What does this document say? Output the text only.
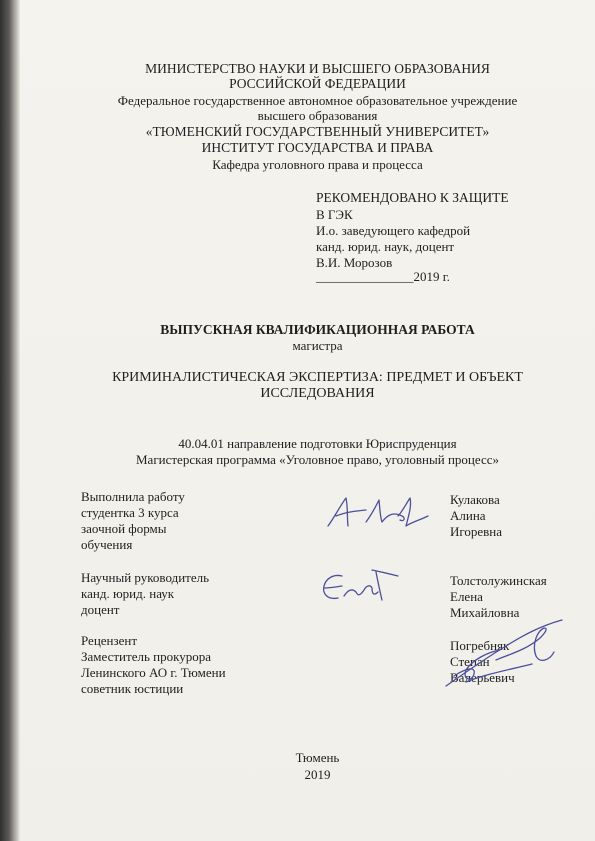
МИНИСТЕРСТВО НАУКИ И ВЫСШЕГО ОБРАЗОВАНИЯ
РОССИЙСКОЙ ФЕДЕРАЦИИ
Федеральное государственное автономное образовательное учреждение
высшего образования
«ТЮМЕНСКИЙ ГОСУДАРСТВЕННЫЙ УНИВЕРСИТЕТ»
ИНСТИТУТ ГОСУДАРСТВА И ПРАВА
Кафедра уголовного права и процесса
РЕКОМЕНДОВАНО К ЗАЩИТЕ
В ГЭК
И.о. заведующего кафедрой
канд. юрид. наук, доцент
В.И. Морозов
_______________2019 г.
ВЫПУСКНАЯ КВАЛИФИКАЦИОННАЯ РАБОТА
магистра
КРИМИНАЛИСТИЧЕСКАЯ ЭКСПЕРТИЗА: ПРЕДМЕТ И ОБЪЕКТ
ИССЛЕДОВАНИЯ
40.04.01 направление подготовки Юриспруденция
Магистерская программа «Уголовное право, уголовный процесс»
Выполнила работу
студентка 3 курса
заочной формы
обучения
Кулакова
Алина
Игоревна
Научный руководитель
канд. юрид. наук
доцент
Толстолужинская
Елена
Михайловна
Рецензент
Заместитель прокурора
Ленинского АО г. Тюмени
советник юстиции
Погребняк
Степан
Валерьевич
Тюмень
2019
